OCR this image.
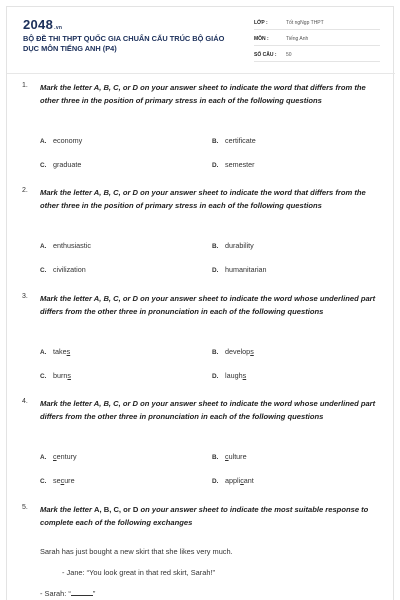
2048.vn
BỘ ĐỀ THI THPT QUỐC GIA CHUẨN CẤU TRÚC BỘ GIÁO DỤC MÔN TIẾNG ANH (P4)
LỚP :	Tốt ngNgp THPT
MÔN :	Tiếng Anh
SỐ CÂU : 50
1. Mark the letter A, B, C, or D on your answer sheet to indicate the word that differs from the other three in the position of primary stress in each of the following questions
A. economy	B. certificate
C. graduate	D. semester
2. Mark the letter A, B, C, or D on your answer sheet to indicate the word that differs from the other three in the position of primary stress in each of the following questions
A. enthusiastic	B. durability
C. civilization	D. humanitarian
3. Mark the letter A, B, C, or D on your answer sheet to indicate the word whose underlined part differs from the other three in pronunciation in each of the following questions
A. takes	B. develops
C. burns	D. laughs
4. Mark the letter A, B, C, or D on your answer sheet to indicate the word whose underlined part differs from the other three in pronunciation in each of the following questions
A. century	B. culture
C. secure	D. applicant
5. Mark the letter A, B, C, or D on your answer sheet to indicate the most suitable response to complete each of the following exchanges
Sarah has just bought a new skirt that she likes very much.
- Jane: “You look great in that red skirt, Sarah!”
- Sarah: “	”
